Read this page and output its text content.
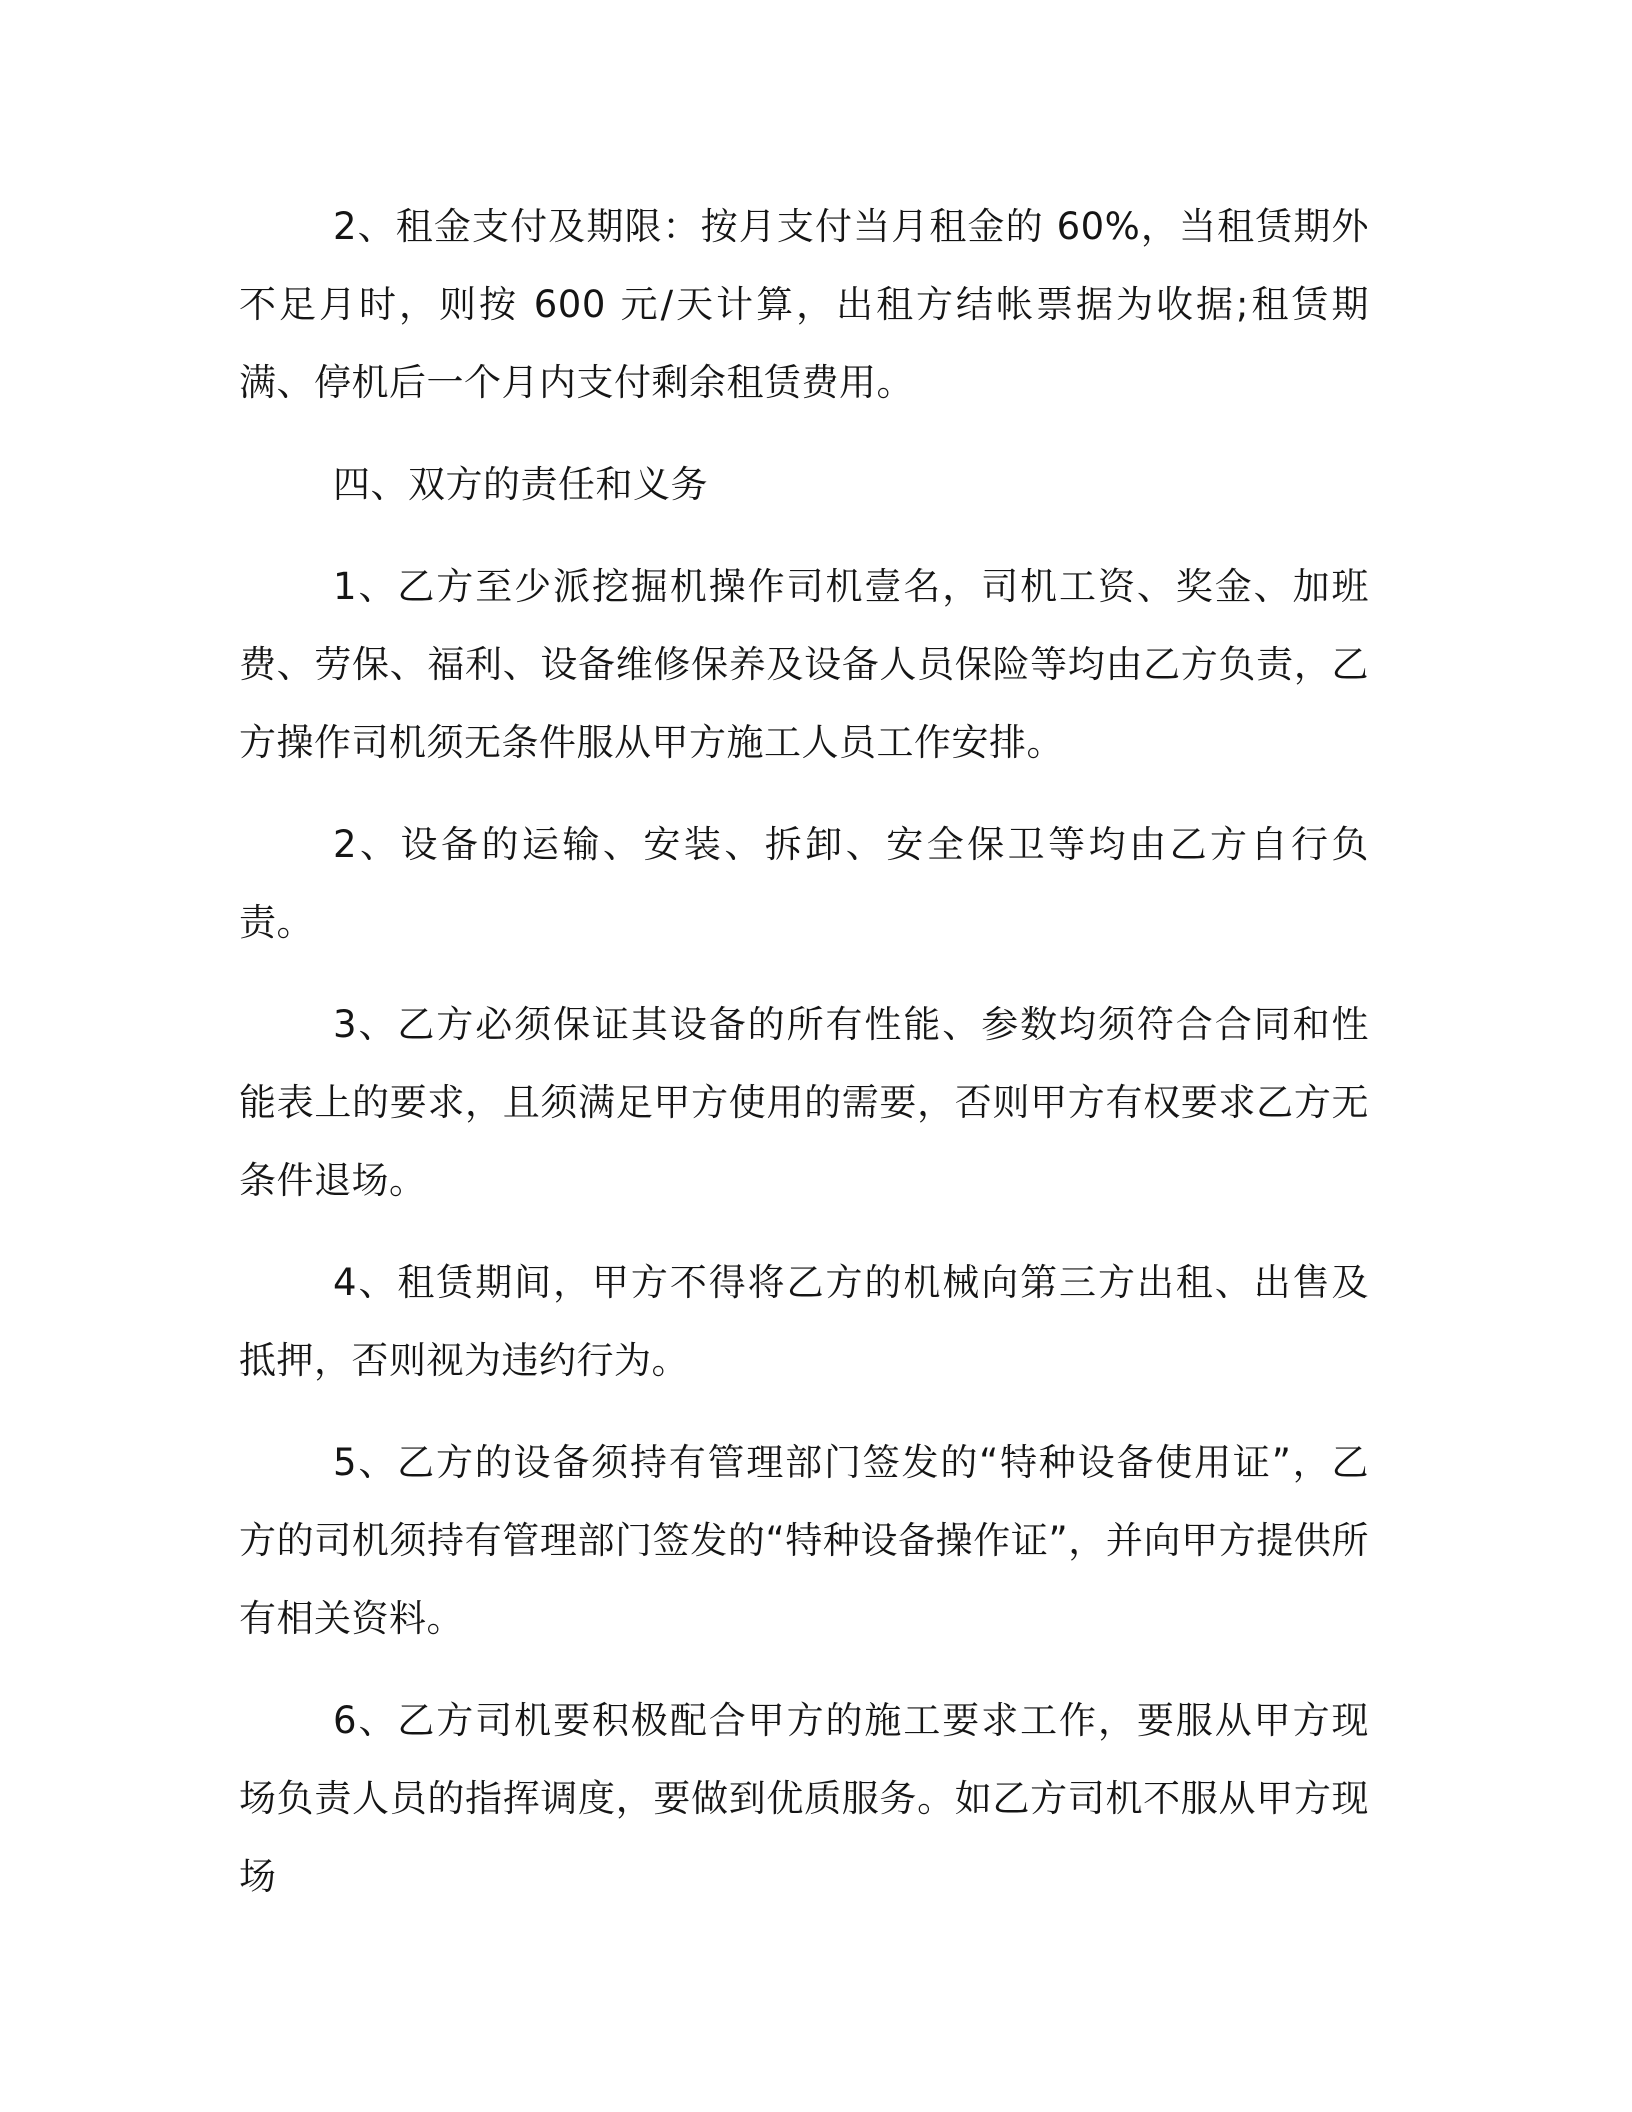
2、租金支付及期限：按月支付当月租金的 60%，当租赁期外不足月时，则按 600 元/天计算，出租方结帐票据为收据;租赁期满、停机后一个月内支付剩余租赁费用。

四、双方的责任和义务

1、乙方至少派挖掘机操作司机壹名，司机工资、奖金、加班费、劳保、福利、设备维修保养及设备人员保险等均由乙方负责，乙方操作司机须无条件服从甲方施工人员工作安排。

2、设备的运输、安装、拆卸、安全保卫等均由乙方自行负责。

3、乙方必须保证其设备的所有性能、参数均须符合合同和性能表上的要求，且须满足甲方使用的需要，否则甲方有权要求乙方无条件退场。

4、租赁期间，甲方不得将乙方的机械向第三方出租、出售及抵押，否则视为违约行为。

5、乙方的设备须持有管理部门签发的“特种设备使用证”，乙方的司机须持有管理部门签发的“特种设备操作证”，并向甲方提供所有相关资料。

6、乙方司机要积极配合甲方的施工要求工作，要服从甲方现场负责人员的指挥调度，要做到优质服务。如乙方司机不服从甲方现场
